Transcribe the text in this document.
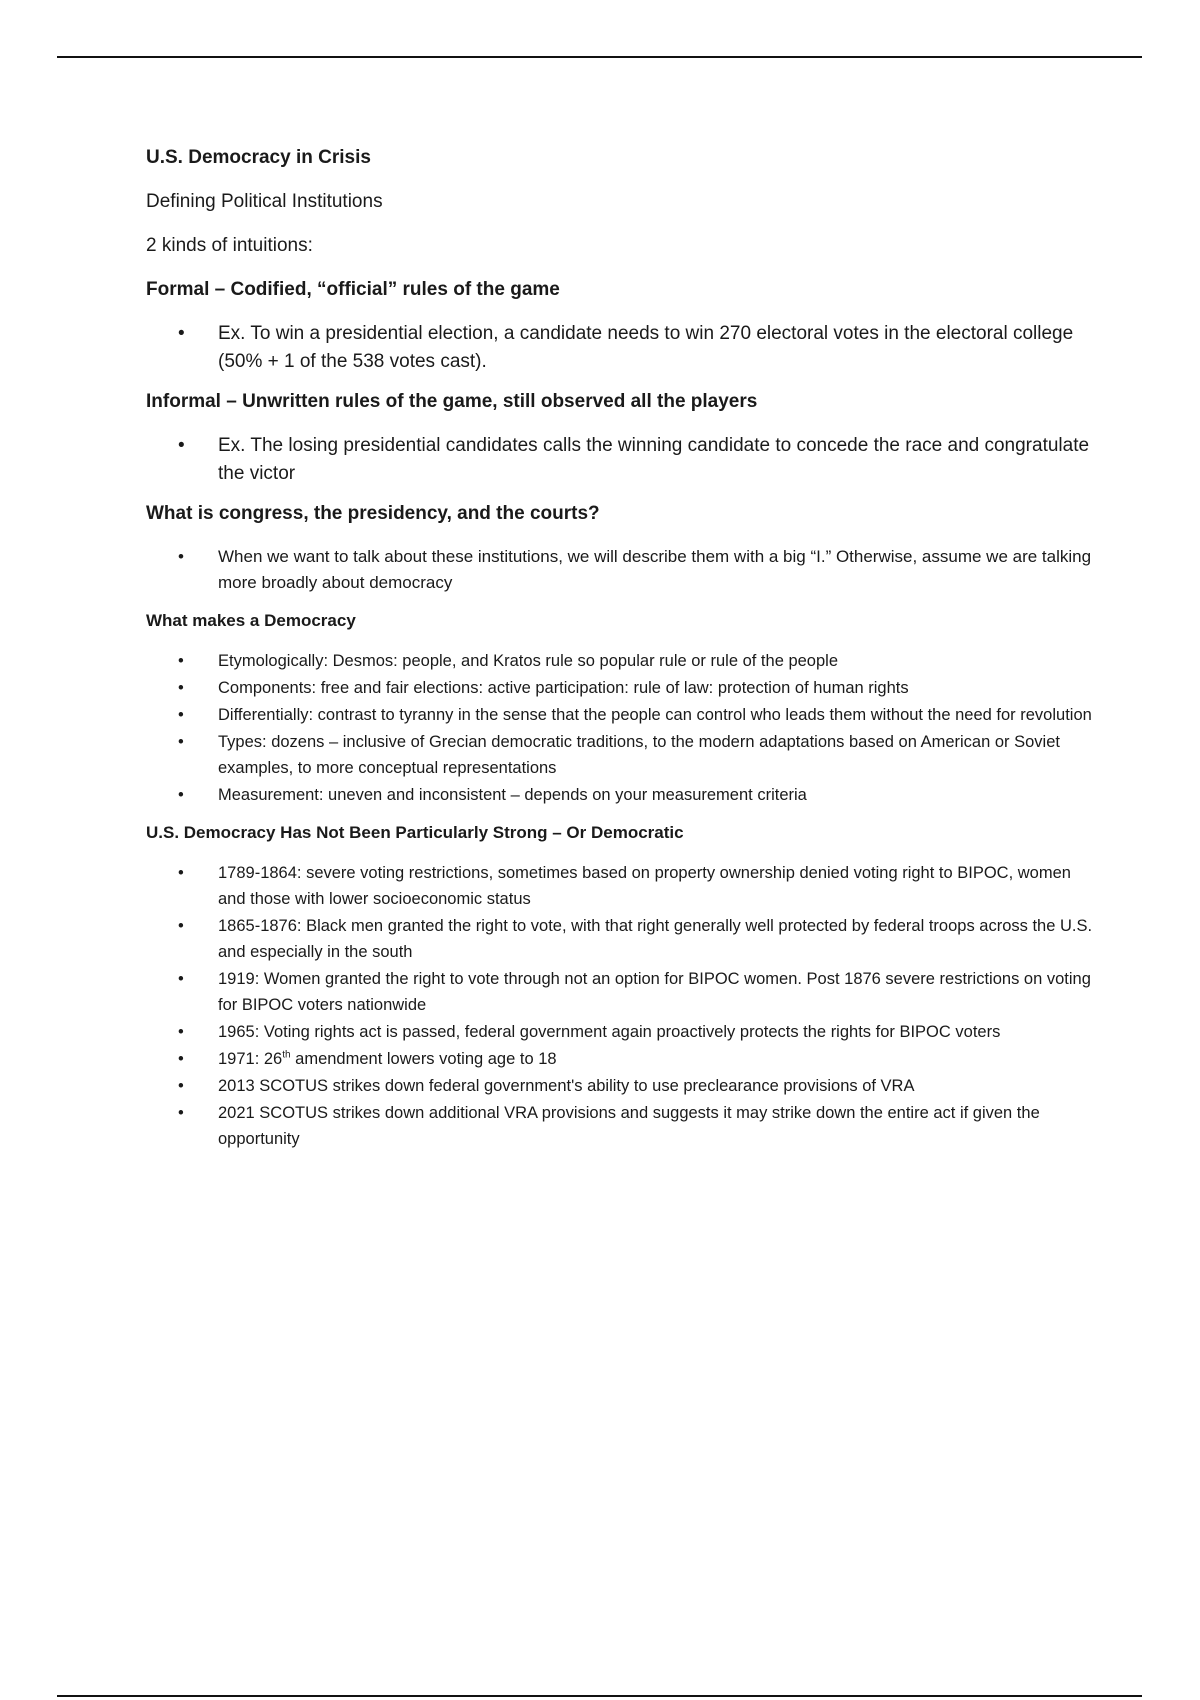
U.S. Democracy in Crisis
Defining Political Institutions
2 kinds of intuitions:
Formal – Codified, “official” rules of the game
• Ex. To win a presidential election, a candidate needs to win 270 electoral votes in the electoral college (50% + 1 of the 538 votes cast).
Informal – Unwritten rules of the game, still observed all the players
• Ex. The losing presidential candidates calls the winning candidate to concede the race and congratulate the victor
What is congress, the presidency, and the courts?
• When we want to talk about these institutions, we will describe them with a big “I.” Otherwise, assume we are talking more broadly about democracy
What makes a Democracy
• Etymologically: Desmos: people, and Kratos rule so popular rule or rule of the people
• Components: free and fair elections: active participation: rule of law: protection of human rights
• Differentially: contrast to tyranny in the sense that the people can control who leads them without the need for revolution
• Types: dozens – inclusive of Grecian democratic traditions, to the modern adaptations based on American or Soviet examples, to more conceptual representations
• Measurement: uneven and inconsistent – depends on your measurement criteria
U.S. Democracy Has Not Been Particularly Strong – Or Democratic
• 1789-1864: severe voting restrictions, sometimes based on property ownership denied voting right to BIPOC, women and those with lower socioeconomic status
• 1865-1876: Black men granted the right to vote, with that right generally well protected by federal troops across the U.S. and especially in the south
• 1919: Women granted the right to vote through not an option for BIPOC women. Post 1876 severe restrictions on voting for BIPOC voters nationwide
• 1965: Voting rights act is passed, federal government again proactively protects the rights for BIPOC voters
• 1971: 26th amendment lowers voting age to 18
• 2013 SCOTUS strikes down federal government's ability to use preclearance provisions of VRA
• 2021 SCOTUS strikes down additional VRA provisions and suggests it may strike down the entire act if given the opportunity
